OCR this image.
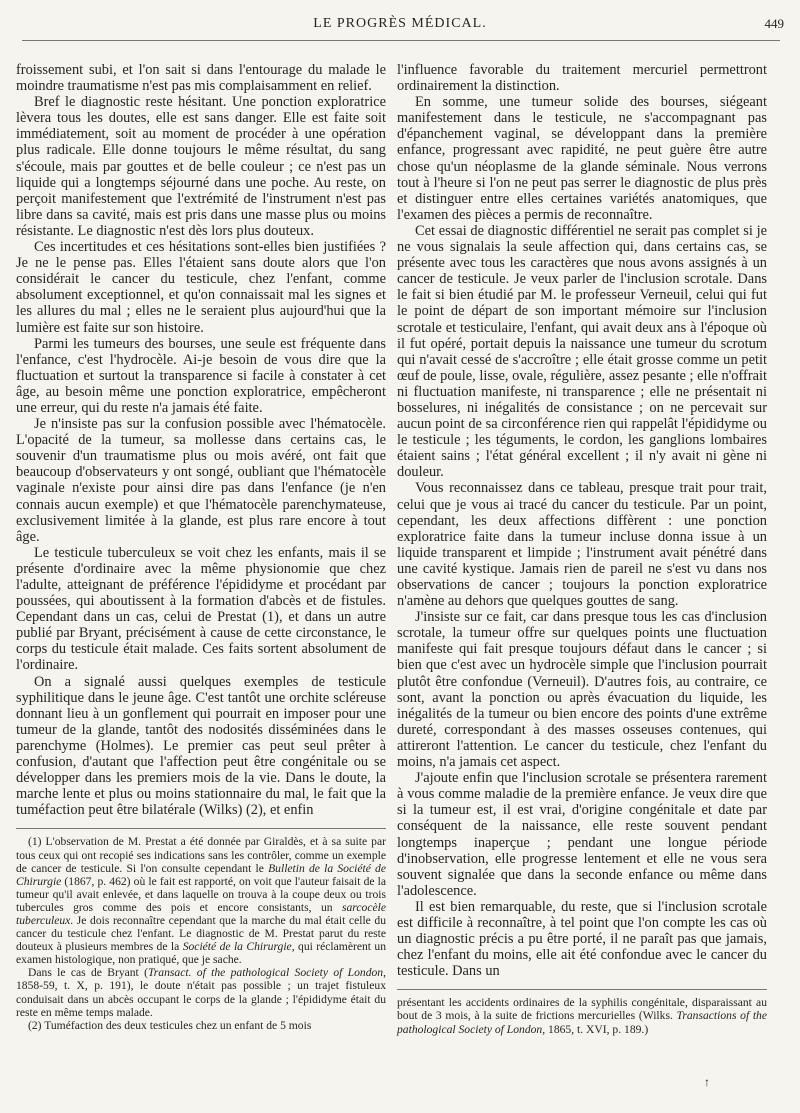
LE PROGRÈS MÉDICAL.	449

froissement subi, et l'on sait si dans l'entourage du malade le moindre traumatisme n'est pas mis complaisamment en relief.

Bref le diagnostic reste hésitant. Une ponction exploratrice lèvera tous les doutes, elle est sans danger. Elle est faite soit immédiatement, soit au moment de procéder à une opération plus radicale. Elle donne toujours le même résultat, du sang s'écoule, mais par gouttes et de belle couleur ; ce n'est pas un liquide qui a longtemps séjourné dans une poche. Au reste, on perçoit manifestement que l'extrémité de l'instrument n'est pas libre dans sa cavité, mais est pris dans une masse plus ou moins résistante. Le diagnostic n'est dès lors plus douteux.

Ces incertitudes et ces hésitations sont-elles bien justifiées ? Je ne le pense pas. Elles l'étaient sans doute alors que l'on considérait le cancer du testicule, chez l'enfant, comme absolument exceptionnel, et qu'on connaissait mal les signes et les allures du mal ; elles ne le seraient plus aujourd'hui que la lumière est faite sur son histoire.

Parmi les tumeurs des bourses, une seule est fréquente dans l'enfance, c'est l'hydrocèle. Ai-je besoin de vous dire que la fluctuation et surtout la transparence si facile à constater à cet âge, au besoin même une ponction exploratrice, empêcheront une erreur, qui du reste n'a jamais été faite.

Je n'insiste pas sur la confusion possible avec l'hématocèle. L'opacité de la tumeur, sa mollesse dans certains cas, le souvenir d'un traumatisme plus ou mois avéré, ont fait que beaucoup d'observateurs y ont songé, oubliant que l'hématocèle vaginale n'existe pour ainsi dire pas dans l'enfance (je n'en connais aucun exemple) et que l'hématocèle parenchymateuse, exclusivement limitée à la glande, est plus rare encore à tout âge.

Le testicule tuberculeux se voit chez les enfants, mais il se présente d'ordinaire avec la même physionomie que chez l'adulte, atteignant de préférence l'épididyme et procédant par poussées, qui aboutissent à la formation d'abcès et de fistules. Cependant dans un cas, celui de Prestat (1), et dans un autre publié par Bryant, précisément à cause de cette circonstance, le corps du testicule était malade. Ces faits sortent absolument de l'ordinaire.

On a signalé aussi quelques exemples de testicule syphilitique dans le jeune âge. C'est tantôt une orchite scléreuse donnant lieu à un gonflement qui pourrait en imposer pour une tumeur de la glande, tantôt des nodosités disséminées dans le parenchyme (Holmes). Le premier cas peut seul prêter à confusion, d'autant que l'affection peut être congénitale ou se développer dans les premiers mois de la vie. Dans le doute, la marche lente et plus ou moins stationnaire du mal, le fait que la tuméfaction peut être bilatérale (Wilks) (2), et enfin

(1) L'observation de M. Prestat a été donnée par Giraldès, et à sa suite par tous ceux qui ont recopié ses indications sans les contrôler, comme un exemple de cancer de testicule. Si l'on consulte cependant le Bulletin de la Société de Chirurgie (1867, p. 462) où le fait est rapporté, on voit que l'auteur faisait de la tumeur qu'il avait enlevée, et dans laquelle on trouva à la coupe deux ou trois tubercules gros comme des pois et encore consistants, un sarcocèle tuberculeux. Je dois reconnaître cependant que la marche du mal était celle du cancer du testicule chez l'enfant. Le diagnostic de M. Prestat parut du reste douteux à plusieurs membres de la Société de la Chirurgie, qui réclamèrent un examen histologique, non pratiqué, que je sache.

Dans le cas de Bryant (Transact. of the pathological Society of London, 1858-59, t. X, p. 191), le doute n'était pas possible ; un trajet fistuleux conduisait dans un abcès occupant le corps de la glande ; l'épididyme était du reste en même temps malade.

(2) Tuméfaction des deux testicules chez un enfant de 5 mois

l'influence favorable du traitement mercuriel permettront ordinairement la distinction.

En somme, une tumeur solide des bourses, siégeant manifestement dans le testicule, ne s'accompagnant pas d'épanchement vaginal, se développant dans la première enfance, progressant avec rapidité, ne peut guère être autre chose qu'un néoplasme de la glande séminale. Nous verrons tout à l'heure si l'on ne peut pas serrer le diagnostic de plus près et distinguer entre elles certaines variétés anatomiques, que l'examen des pièces a permis de reconnaître.

Cet essai de diagnostic différentiel ne serait pas complet si je ne vous signalais la seule affection qui, dans certains cas, se présente avec tous les caractères que nous avons assignés à un cancer de testicule. Je veux parler de l'inclusion scrotale. Dans le fait si bien étudié par M. le professeur Verneuil, celui qui fut le point de départ de son important mémoire sur l'inclusion scrotale et testiculaire, l'enfant, qui avait deux ans à l'époque où il fut opéré, portait depuis la naissance une tumeur du scrotum qui n'avait cessé de s'accroître ; elle était grosse comme un petit œuf de poule, lisse, ovale, régulière, assez pesante ; elle n'offrait ni fluctuation manifeste, ni transparence ; elle ne présentait ni bosselures, ni inégalités de consistance ; on ne percevait sur aucun point de sa circonférence rien qui rappelât l'épididyme ou le testicule ; les téguments, le cordon, les ganglions lombaires étaient sains ; l'état général excellent ; il n'y avait ni gène ni douleur.

Vous reconnaissez dans ce tableau, presque trait pour trait, celui que je vous ai tracé du cancer du testicule. Par un point, cependant, les deux affections diffèrent : une ponction exploratrice faite dans la tumeur incluse donna issue à un liquide transparent et limpide ; l'instrument avait pénétré dans une cavité kystique. Jamais rien de pareil ne s'est vu dans nos observations de cancer ; toujours la ponction exploratrice n'amène au dehors que quelques gouttes de sang.

J'insiste sur ce fait, car dans presque tous les cas d'inclusion scrotale, la tumeur offre sur quelques points une fluctuation manifeste qui fait presque toujours défaut dans le cancer ; si bien que c'est avec un hydrocèle simple que l'inclusion pourrait plutôt être confondue (Verneuil). D'autres fois, au contraire, ce sont, avant la ponction ou après évacuation du liquide, les inégalités de la tumeur ou bien encore des points d'une extrême dureté, correspondant à des masses osseuses contenues, qui attireront l'attention. Le cancer du testicule, chez l'enfant du moins, n'a jamais cet aspect.

J'ajoute enfin que l'inclusion scrotale se présentera rarement à vous comme maladie de la première enfance. Je veux dire que si la tumeur est, il est vrai, d'origine congénitale et date par conséquent de la naissance, elle reste souvent pendant longtemps inaperçue ; pendant une longue période d'inobservation, elle progresse lentement et elle ne vous sera souvent signalée que dans la seconde enfance ou même dans l'adolescence.

Il est bien remarquable, du reste, que si l'inclusion scrotale est difficile à reconnaître, à tel point que l'on compte les cas où un diagnostic précis a pu être porté, il ne paraît pas que jamais, chez l'enfant du moins, elle ait été confondue avec le cancer du testicule. Dans un

présentant les accidents ordinaires de la syphilis congénitale, disparaissant au bout de 3 mois, à la suite de frictions mercurielles (Wilks. Transactions of the pathological Society of London, 1865, t. XVI, p. 189.)

↑
